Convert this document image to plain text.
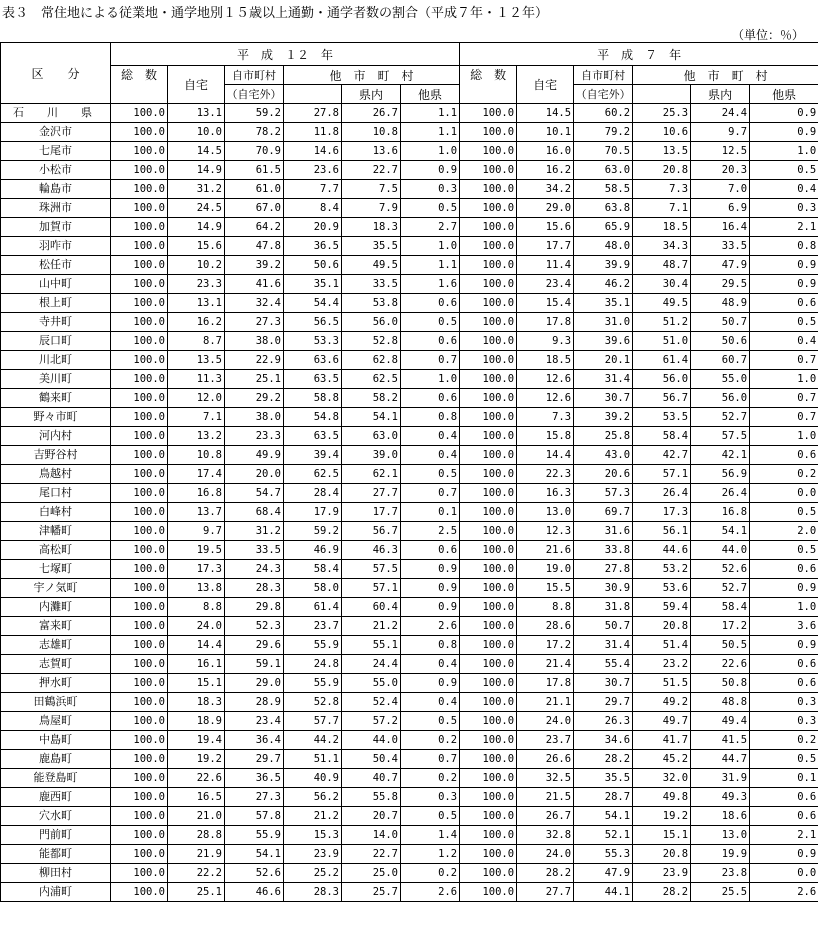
表３　常住地による従業地・通学地別１５歳以上通勤・通学者数の割合（平成７年・１２年）
（単位：％）
区　　分	平　成　１２　年						平　成　７　年					
	総　数	自宅	自市町村	他　市　町　村			総　数	自宅	自市町村	他　市　町　村		
			（自宅外）		県内	他県			（自宅外）		県内	他県
石　川　県	100.0	13.1	59.2	27.8	26.7	1.1	100.0	14.5	60.2	25.3	24.4	0.9
金沢市	100.0	10.0	78.2	11.8	10.8	1.1	100.0	10.1	79.2	10.6	9.7	0.9
七尾市	100.0	14.5	70.9	14.6	13.6	1.0	100.0	16.0	70.5	13.5	12.5	1.0
小松市	100.0	14.9	61.5	23.6	22.7	0.9	100.0	16.2	63.0	20.8	20.3	0.5
輪島市	100.0	31.2	61.0	7.7	7.5	0.3	100.0	34.2	58.5	7.3	7.0	0.4
珠洲市	100.0	24.5	67.0	8.4	7.9	0.5	100.0	29.0	63.8	7.1	6.9	0.3
加賀市	100.0	14.9	64.2	20.9	18.3	2.7	100.0	15.6	65.9	18.5	16.4	2.1
羽咋市	100.0	15.6	47.8	36.5	35.5	1.0	100.0	17.7	48.0	34.3	33.5	0.8
松任市	100.0	10.2	39.2	50.6	49.5	1.1	100.0	11.4	39.9	48.7	47.9	0.9
山中町	100.0	23.3	41.6	35.1	33.5	1.6	100.0	23.4	46.2	30.4	29.5	0.9
根上町	100.0	13.1	32.4	54.4	53.8	0.6	100.0	15.4	35.1	49.5	48.9	0.6
寺井町	100.0	16.2	27.3	56.5	56.0	0.5	100.0	17.8	31.0	51.2	50.7	0.5
辰口町	100.0	8.7	38.0	53.3	52.8	0.6	100.0	9.3	39.6	51.0	50.6	0.4
川北町	100.0	13.5	22.9	63.6	62.8	0.7	100.0	18.5	20.1	61.4	60.7	0.7
美川町	100.0	11.3	25.1	63.5	62.5	1.0	100.0	12.6	31.4	56.0	55.0	1.0
鶴来町	100.0	12.0	29.2	58.8	58.2	0.6	100.0	12.6	30.7	56.7	56.0	0.7
野々市町	100.0	7.1	38.0	54.8	54.1	0.8	100.0	7.3	39.2	53.5	52.7	0.7
河内村	100.0	13.2	23.3	63.5	63.0	0.4	100.0	15.8	25.8	58.4	57.5	1.0
吉野谷村	100.0	10.8	49.9	39.4	39.0	0.4	100.0	14.4	43.0	42.7	42.1	0.6
鳥越村	100.0	17.4	20.0	62.5	62.1	0.5	100.0	22.3	20.6	57.1	56.9	0.2
尾口村	100.0	16.8	54.7	28.4	27.7	0.7	100.0	16.3	57.3	26.4	26.4	0.0
白峰村	100.0	13.7	68.4	17.9	17.7	0.1	100.0	13.0	69.7	17.3	16.8	0.5
津幡町	100.0	9.7	31.2	59.2	56.7	2.5	100.0	12.3	31.6	56.1	54.1	2.0
高松町	100.0	19.5	33.5	46.9	46.3	0.6	100.0	21.6	33.8	44.6	44.0	0.5
七塚町	100.0	17.3	24.3	58.4	57.5	0.9	100.0	19.0	27.8	53.2	52.6	0.6
宇ノ気町	100.0	13.8	28.3	58.0	57.1	0.9	100.0	15.5	30.9	53.6	52.7	0.9
内灘町	100.0	8.8	29.8	61.4	60.4	0.9	100.0	8.8	31.8	59.4	58.4	1.0
富来町	100.0	24.0	52.3	23.7	21.2	2.6	100.0	28.6	50.7	20.8	17.2	3.6
志雄町	100.0	14.4	29.6	55.9	55.1	0.8	100.0	17.2	31.4	51.4	50.5	0.9
志賀町	100.0	16.1	59.1	24.8	24.4	0.4	100.0	21.4	55.4	23.2	22.6	0.6
押水町	100.0	15.1	29.0	55.9	55.0	0.9	100.0	17.8	30.7	51.5	50.8	0.6
田鶴浜町	100.0	18.3	28.9	52.8	52.4	0.4	100.0	21.1	29.7	49.2	48.8	0.3
鳥屋町	100.0	18.9	23.4	57.7	57.2	0.5	100.0	24.0	26.3	49.7	49.4	0.3
中島町	100.0	19.4	36.4	44.2	44.0	0.2	100.0	23.7	34.6	41.7	41.5	0.2
鹿島町	100.0	19.2	29.7	51.1	50.4	0.7	100.0	26.6	28.2	45.2	44.7	0.5
能登島町	100.0	22.6	36.5	40.9	40.7	0.2	100.0	32.5	35.5	32.0	31.9	0.1
鹿西町	100.0	16.5	27.3	56.2	55.8	0.3	100.0	21.5	28.7	49.8	49.3	0.6
穴水町	100.0	21.0	57.8	21.2	20.7	0.5	100.0	26.7	54.1	19.2	18.6	0.6
門前町	100.0	28.8	55.9	15.3	14.0	1.4	100.0	32.8	52.1	15.1	13.0	2.1
能都町	100.0	21.9	54.1	23.9	22.7	1.2	100.0	24.0	55.3	20.8	19.9	0.9
柳田村	100.0	22.2	52.6	25.2	25.0	0.2	100.0	28.2	47.9	23.9	23.8	0.0
内浦町	100.0	25.1	46.6	28.3	25.7	2.6	100.0	27.7	44.1	28.2	25.5	2.6
